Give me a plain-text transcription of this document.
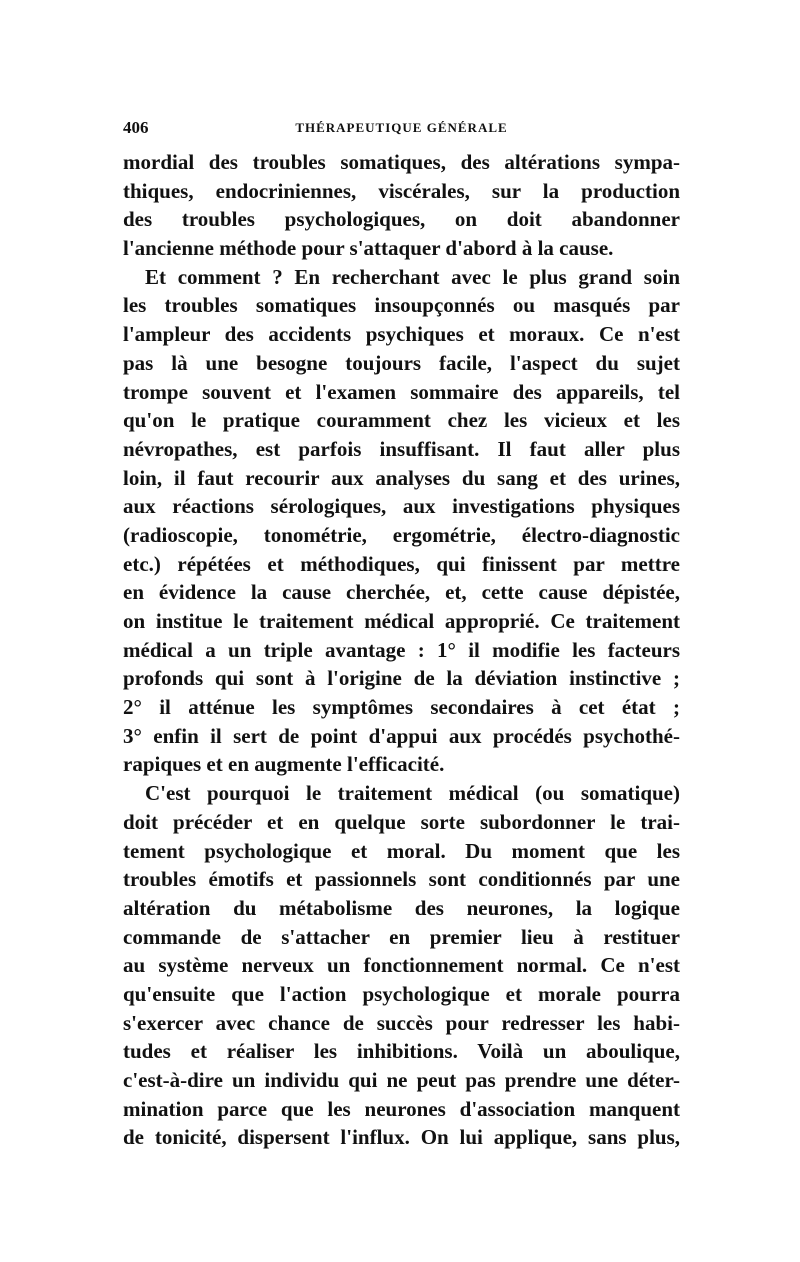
406	THÉRAPEUTIQUE GÉNÉRALE
mordial des troubles somatiques, des altérations sympa-
thiques, endocriniennes, viscérales, sur la production
des troubles psychologiques, on doit abandonner
l'ancienne méthode pour s'attaquer d'abord à la cause.
Et comment ? En recherchant avec le plus grand soin
les troubles somatiques insoupçonnés ou masqués par
l'ampleur des accidents psychiques et moraux. Ce n'est
pas là une besogne toujours facile, l'aspect du sujet
trompe souvent et l'examen sommaire des appareils, tel
qu'on le pratique couramment chez les vicieux et les
névropathes, est parfois insuffisant. Il faut aller plus
loin, il faut recourir aux analyses du sang et des urines,
aux réactions sérologiques, aux investigations physiques
(radioscopie, tonométrie, ergométrie, électro-diagnostic
etc.) répétées et méthodiques, qui finissent par mettre
en évidence la cause cherchée, et, cette cause dépistée,
on institue le traitement médical approprié. Ce traitement
médical a un triple avantage : 1° il modifie les facteurs
profonds qui sont à l'origine de la déviation instinctive ;
2° il atténue les symptômes secondaires à cet état ;
3° enfin il sert de point d'appui aux procédés psychothé-
rapiques et en augmente l'efficacité.
C'est pourquoi le traitement médical (ou somatique)
doit précéder et en quelque sorte subordonner le trai-
tement psychologique et moral. Du moment que les
troubles émotifs et passionnels sont conditionnés par une
altération du métabolisme des neurones, la logique
commande de s'attacher en premier lieu à restituer
au système nerveux un fonctionnement normal. Ce n'est
qu'ensuite que l'action psychologique et morale pourra
s'exercer avec chance de succès pour redresser les habi-
tudes et réaliser les inhibitions. Voilà un aboulique,
c'est-à-dire un individu qui ne peut pas prendre une déter-
mination parce que les neurones d'association manquent
de tonicité, dispersent l'influx. On lui applique, sans plus,
